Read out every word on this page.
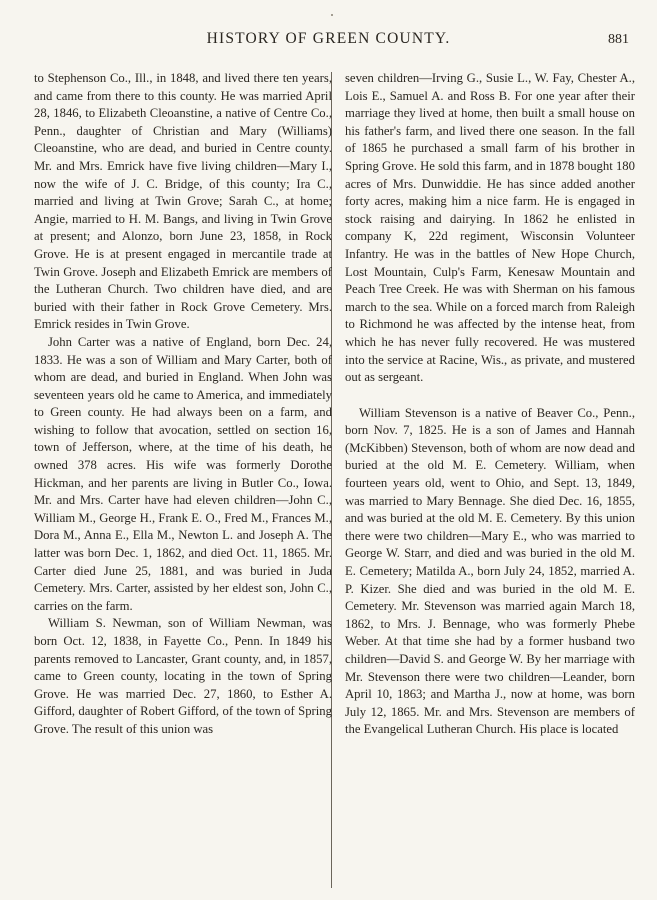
HISTORY OF GREEN COUNTY.	881

to Stephenson Co., Ill., in 1848, and lived there ten years, and came from there to this county. He was married April 28, 1846, to Elizabeth Cleoanstine, a native of Centre Co., Penn., daughter of Christian and Mary (Williams) Cleoanstine, who are dead, and buried in Centre county. Mr. and Mrs. Emrick have five living children—Mary I., now the wife of J. C. Bridge, of this county; Ira C., married and living at Twin Grove; Sarah C., at home; Angie, married to H. M. Bangs, and living in Twin Grove at present; and Alonzo, born June 23, 1858, in Rock Grove. He is at present engaged in mercantile trade at Twin Grove. Joseph and Elizabeth Emrick are members of the Lutheran Church. Two children have died, and are buried with their father in Rock Grove Cemetery. Mrs. Emrick resides in Twin Grove.

John Carter was a native of England, born Dec. 24, 1833. He was a son of William and Mary Carter, both of whom are dead, and buried in England. When John was seventeen years old he came to America, and immediately to Green county. He had always been on a farm, and wishing to follow that avocation, settled on section 16, town of Jefferson, where, at the time of his death, he owned 378 acres. His wife was formerly Dorothe Hickman, and her parents are living in Butler Co., Iowa. Mr. and Mrs. Carter have had eleven children—John C., William M., George H., Frank E. O., Fred M., Frances M., Dora M., Anna E., Ella M., Newton L. and Joseph A. The latter was born Dec. 1, 1862, and died Oct. 11, 1865. Mr. Carter died June 25, 1881, and was buried in Juda Cemetery. Mrs. Carter, assisted by her eldest son, John C., carries on the farm.

William S. Newman, son of William Newman, was born Oct. 12, 1838, in Fayette Co., Penn. In 1849 his parents removed to Lancaster, Grant county, and, in 1857, came to Green county, locating in the town of Spring Grove. He was married Dec. 27, 1860, to Esther A. Gifford, daughter of Robert Gifford, of the town of Spring Grove. The result of this union was

seven children—Irving G., Susie L., W. Fay, Chester A., Lois E., Samuel A. and Ross B. For one year after their marriage they lived at home, then built a small house on his father's farm, and lived there one season. In the fall of 1865 he purchased a small farm of his brother in Spring Grove. He sold this farm, and in 1878 bought 180 acres of Mrs. Dunwiddie. He has since added another forty acres, making him a nice farm. He is engaged in stock raising and dairying. In 1862 he enlisted in company K, 22d regiment, Wisconsin Volunteer Infantry. He was in the battles of New Hope Church, Lost Mountain, Culp's Farm, Kenesaw Mountain and Peach Tree Creek. He was with Sherman on his famous march to the sea. While on a forced march from Raleigh to Richmond he was affected by the intense heat, from which he has never fully recovered. He was mustered into the service at Racine, Wis., as private, and mustered out as sergeant.

William Stevenson is a native of Beaver Co., Penn., born Nov. 7, 1825. He is a son of James and Hannah (McKibben) Stevenson, both of whom are now dead and buried at the old M. E. Cemetery. William, when fourteen years old, went to Ohio, and Sept. 13, 1849, was married to Mary Bennage. She died Dec. 16, 1855, and was buried at the old M. E. Cemetery. By this union there were two children—Mary E., who was married to George W. Starr, and died and was buried in the old M. E. Cemetery; Matilda A., born July 24, 1852, married A. P. Kizer. She died and was buried in the old M. E. Cemetery. Mr. Stevenson was married again March 18, 1862, to Mrs. J. Bennage, who was formerly Phebe Weber. At that time she had by a former husband two children—David S. and George W. By her marriage with Mr. Stevenson there were two children—Leander, born April 10, 1863; and Martha J., now at home, was born July 12, 1865. Mr. and Mrs. Stevenson are members of the Evangelical Lutheran Church. His place is located
